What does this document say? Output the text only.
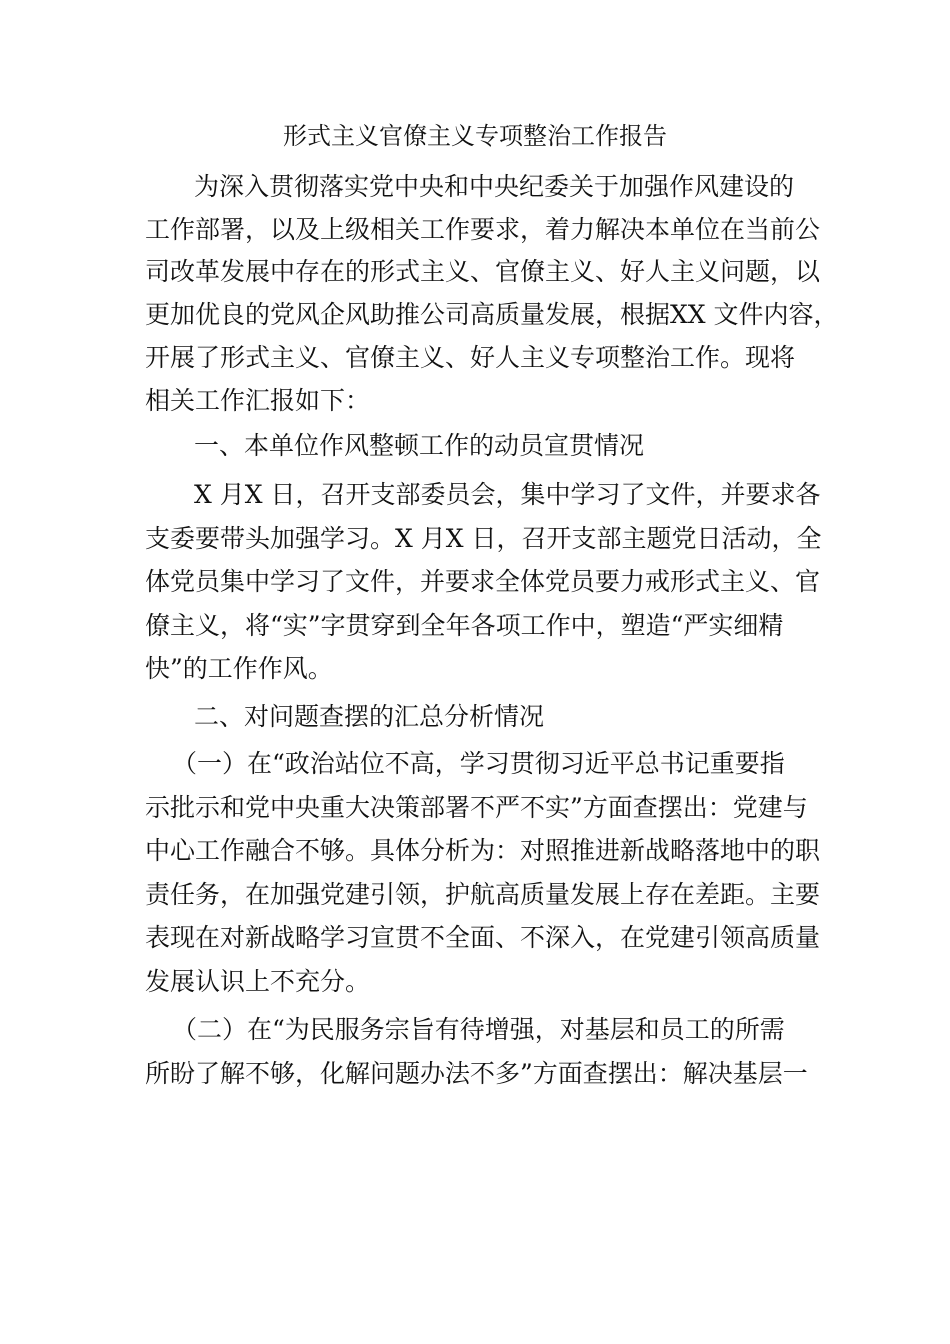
形式主义官僚主义专项整治工作报告

为深入贯彻落实党中央和中央纪委关于加强作风建设的

工作部署，以及上级相关工作要求，着力解决本单位在当前公

司改革发展中存在的形式主义、官僚主义、好人主义问题，以

更加优良的党风企风助推公司高质量发展，根据XX 文件内容，

开展了形式主义、官僚主义、好人主义专项整治工作。现将

相关工作汇报如下：

一、本单位作风整顿工作的动员宣贯情况

X 月X 日，召开支部委员会，集中学习了文件，并要求各

支委要带头加强学习。X 月X 日，召开支部主题党日活动，全

体党员集中学习了文件，并要求全体党员要力戒形式主义、官

僚主义，将“实”字贯穿到全年各项工作中，塑造“严实细精

快”的工作作风。

二、对问题查摆的汇总分析情况

（一）在“政治站位不高，学习贯彻习近平总书记重要指

示批示和党中央重大决策部署不严不实”方面查摆出：党建与

中心工作融合不够。具体分析为：对照推进新战略落地中的职

责任务，在加强党建引领，护航高质量发展上存在差距。主要

表现在对新战略学习宣贯不全面、不深入，在党建引领高质量

发展认识上不充分。

（二）在“为民服务宗旨有待增强，对基层和员工的所需

所盼了解不够，化解问题办法不多”方面查摆出：解决基层一
